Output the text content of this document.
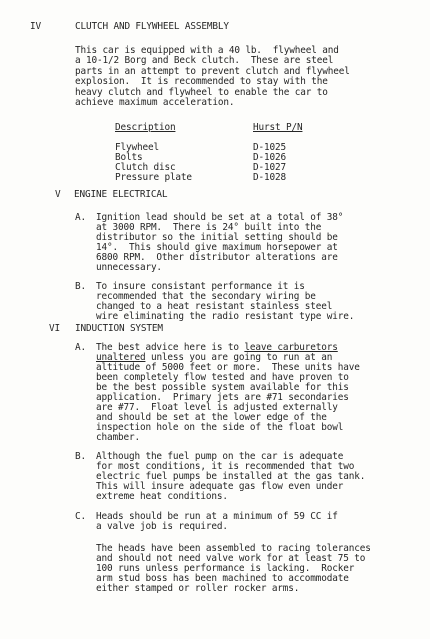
IV	CLUTCH AND FLYWHEEL ASSEMBLY
This car is equipped with a 40 lb.  flywheel and
a 10-1/2 Borg and Beck clutch.  These are steel
parts in an attempt to prevent clutch and flywheel
explosion.  It is recommended to stay with the
heavy clutch and flywheel to enable the car to
achieve maximum acceleration.
Description	Hurst P/N
Flywheel	D-1025
Bolts	D-1026
Clutch disc	D-1027
Pressure plate	D-1028
V ENGINE ELECTRICAL
A. Ignition lead should be set at a total of 38°
at 3000 RPM.  There is 24° built into the
distributor so the initial setting should be
14°.  This should give maximum horsepower at
6800 RPM.  Other distributor alterations are
unnecessary.
B. To insure consistant performance it is
recommended that the secondary wiring be
changed to a heat resistant stainless steel
wire eliminating the radio resistant type wire.
VI INDUCTION SYSTEM
A. The best advice here is to leave carburetors
unaltered unless you are going to run at an
altitude of 5000 feet or more.  These units have
been completely flow tested and have proven to
be the best possible system available for this
application.  Primary jets are #71 secondaries
are #77.  Float level is adjusted externally
and should be set at the lower edge of the
inspection hole on the side of the float bowl
chamber.
B. Although the fuel pump on the car is adequate
for most conditions, it is recommended that two
electric fuel pumps be installed at the gas tank.
This will insure adequate gas flow even under
extreme heat conditions.
C. Heads should be run at a minimum of 59 CC if
a valve job is required.
The heads have been assembled to racing tolerances
and should not need valve work for at least 75 to
100 runs unless performance is lacking.  Rocker
arm stud boss has been machined to accommodate
either stamped or roller rocker arms.
